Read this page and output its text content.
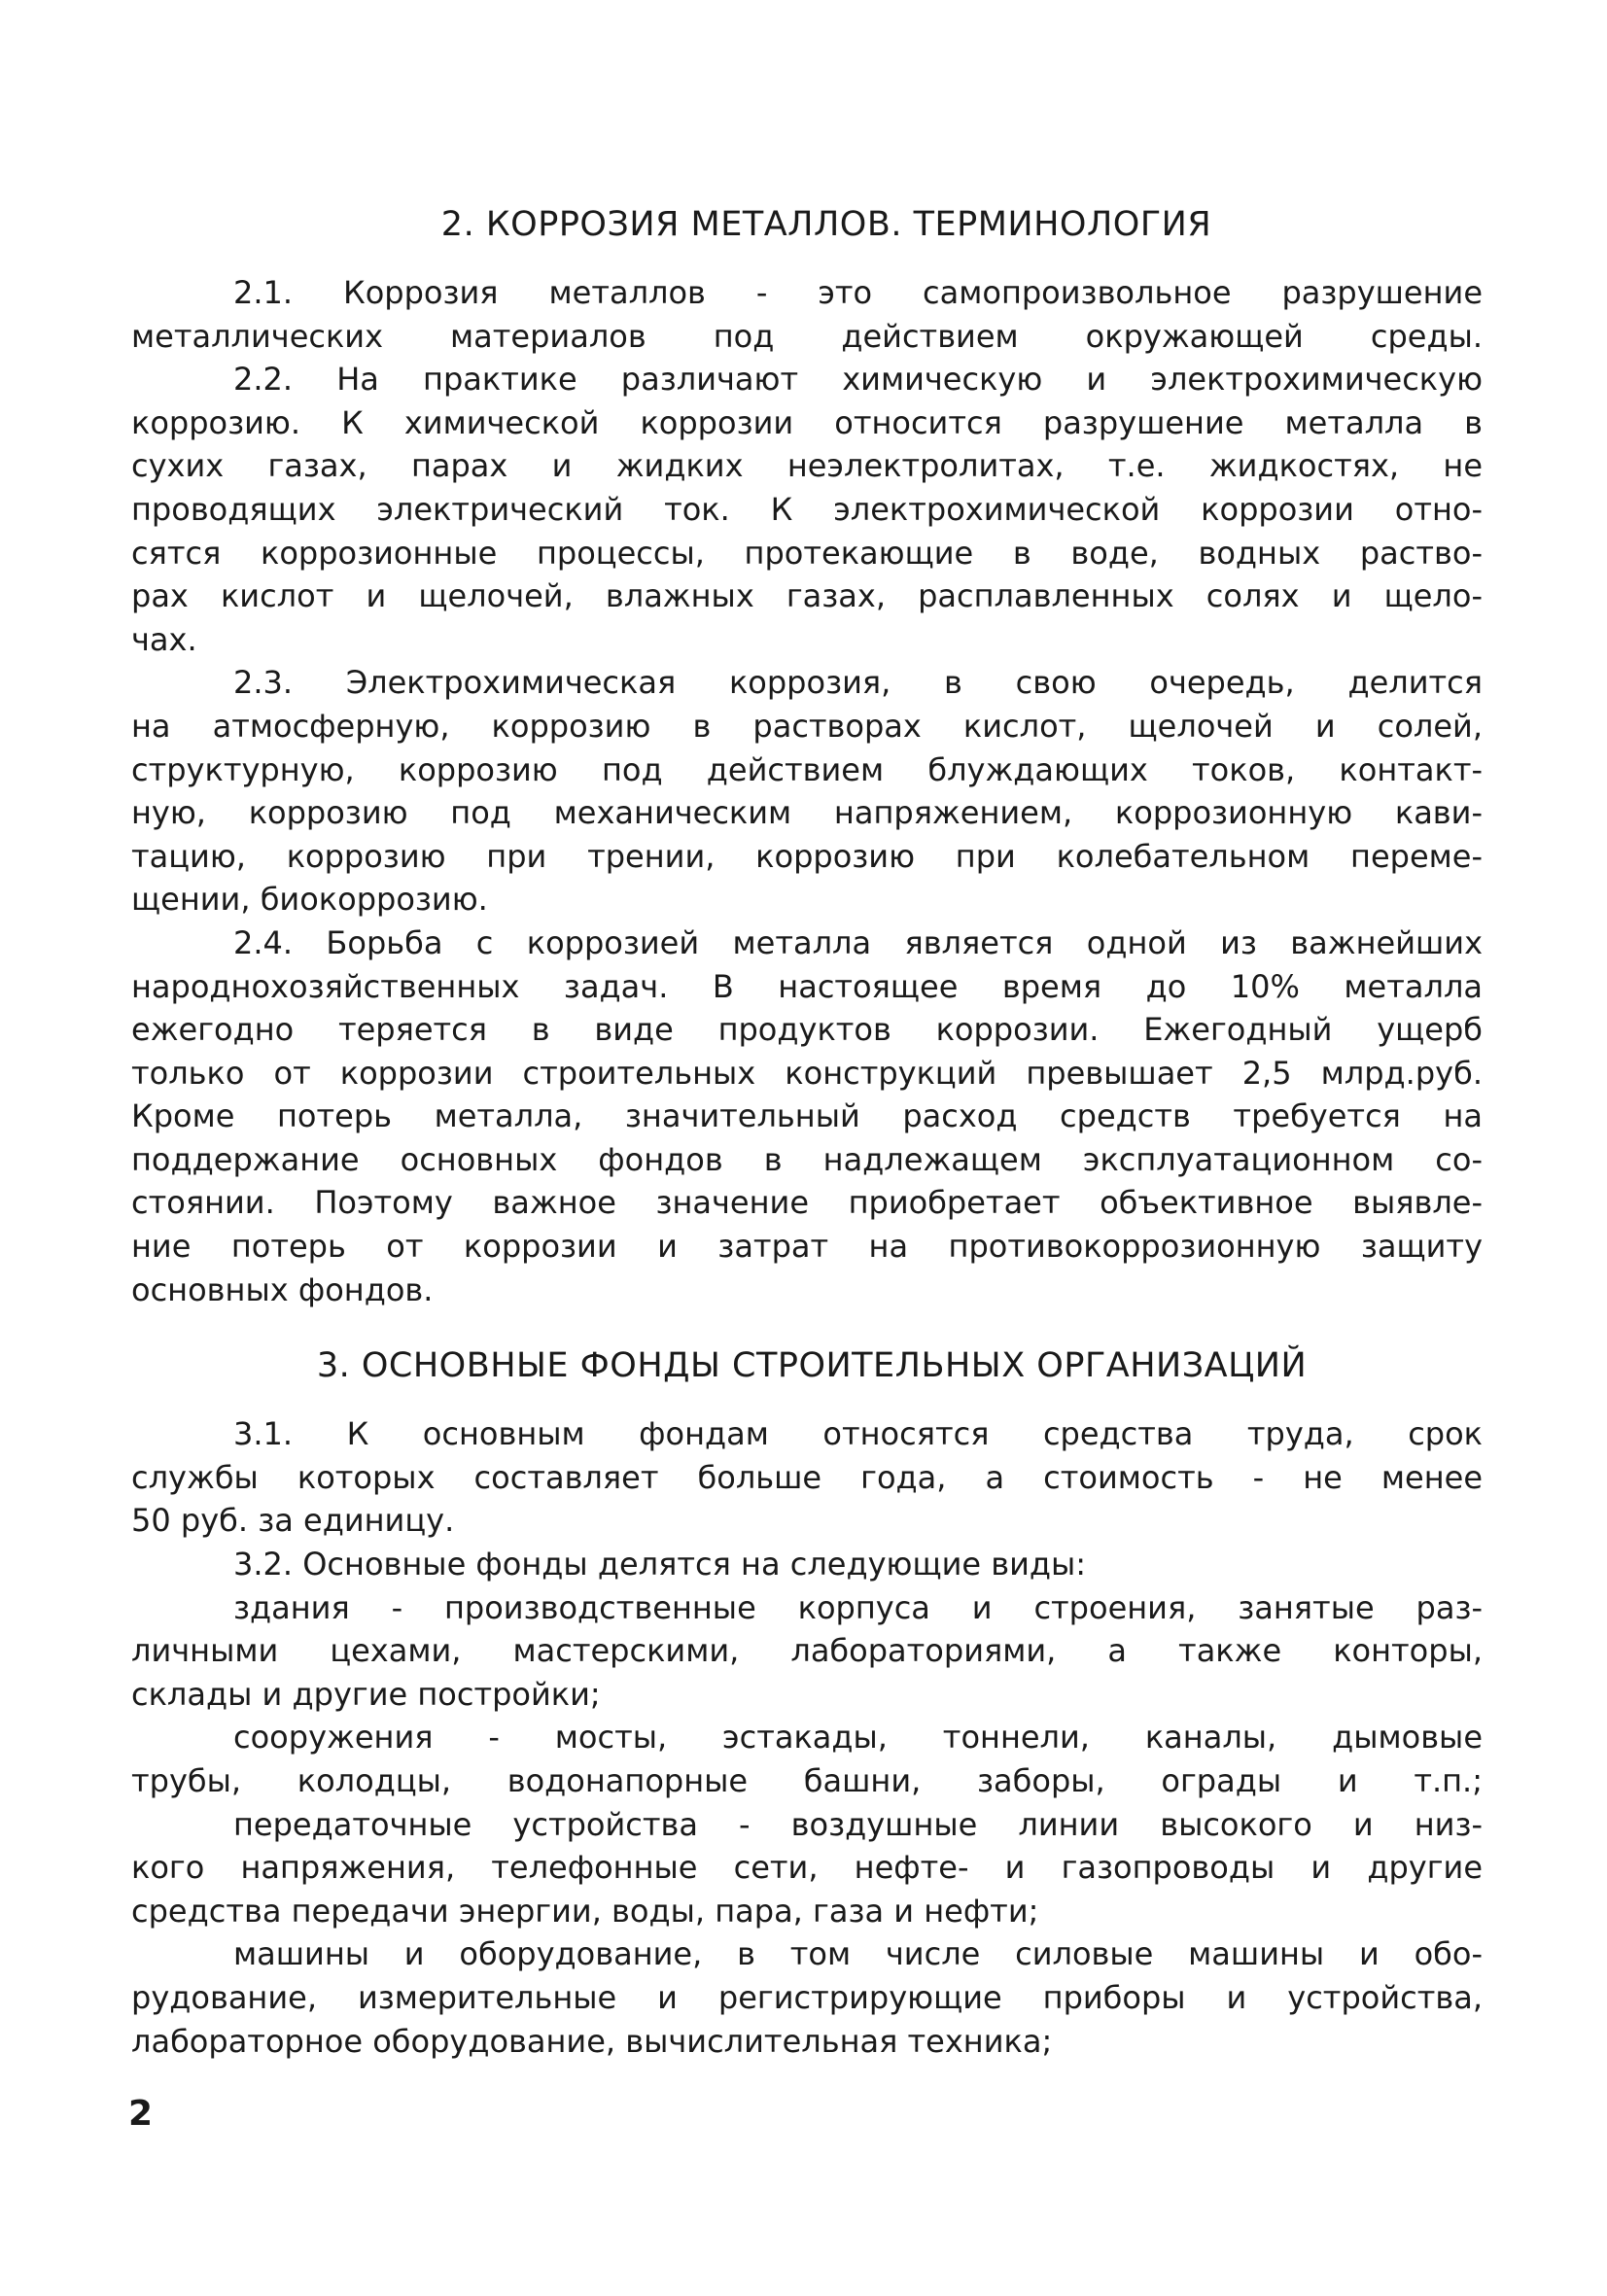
2. КОРРОЗИЯ МЕТАЛЛОВ. ТЕРМИНОЛОГИЯ

2.1. Коррозия металлов - это самопроизвольное разрушение

металлических материалов под действием окружающей среды.

2.2. На практике различают химическую и электрохимическую

коррозию. К химической коррозии относится разрушение металла в

сухих газах, парах и жидких неэлектролитах, т.е. жидкостях, не

проводящих электрический ток. К электрохимической коррозии отно-

сятся коррозионные процессы, протекающие в воде, водных раство-

рах кислот и щелочей, влажных газах, расплавленных солях и щело-

чах.

2.3. Электрохимическая коррозия, в свою очередь, делится

на атмосферную, коррозию в растворах кислот, щелочей и солей,

структурную, коррозию под действием блуждающих токов, контакт-

ную, коррозию под механическим напряжением, коррозионную кави-

тацию, коррозию при трении, коррозию при колебательном переме-

щении, биокоррозию.

2.4. Борьба с коррозией металла является одной из важнейших

народнохозяйственных задач. В настоящее время до 10% металла

ежегодно теряется в виде продуктов коррозии. Ежегодный ущерб

только от коррозии строительных конструкций превышает 2,5 млрд.руб.

Кроме потерь металла, значительный расход средств требуется на

поддержание основных фондов в надлежащем эксплуатационном со-

стоянии. Поэтому важное значение приобретает объективное выявле-

ние потерь от коррозии и затрат на противокоррозионную защиту

основных фондов.

3. ОСНОВНЫЕ ФОНДЫ СТРОИТЕЛЬНЫХ ОРГАНИЗАЦИЙ

3.1. К основным фондам относятся средства труда, срок

службы которых составляет больше года, а стоимость - не менее

50 руб. за единицу.

3.2. Основные фонды делятся на следующие виды:

здания - производственные корпуса и строения, занятые раз-

личными цехами, мастерскими, лабораториями, а также конторы,

склады и другие постройки;

сооружения - мосты, эстакады, тоннели, каналы, дымовые

трубы, колодцы, водонапорные башни, заборы, ограды и т.п.;

передаточные устройства - воздушные линии высокого и низ-

кого напряжения, телефонные сети, нефте- и газопроводы и другие

средства передачи энергии, воды, пара, газа и нефти;

машины и оборудование, в том числе силовые машины и обо-

рудование, измерительные и регистрирующие приборы и устройства,

лабораторное оборудование, вычислительная техника;

2
